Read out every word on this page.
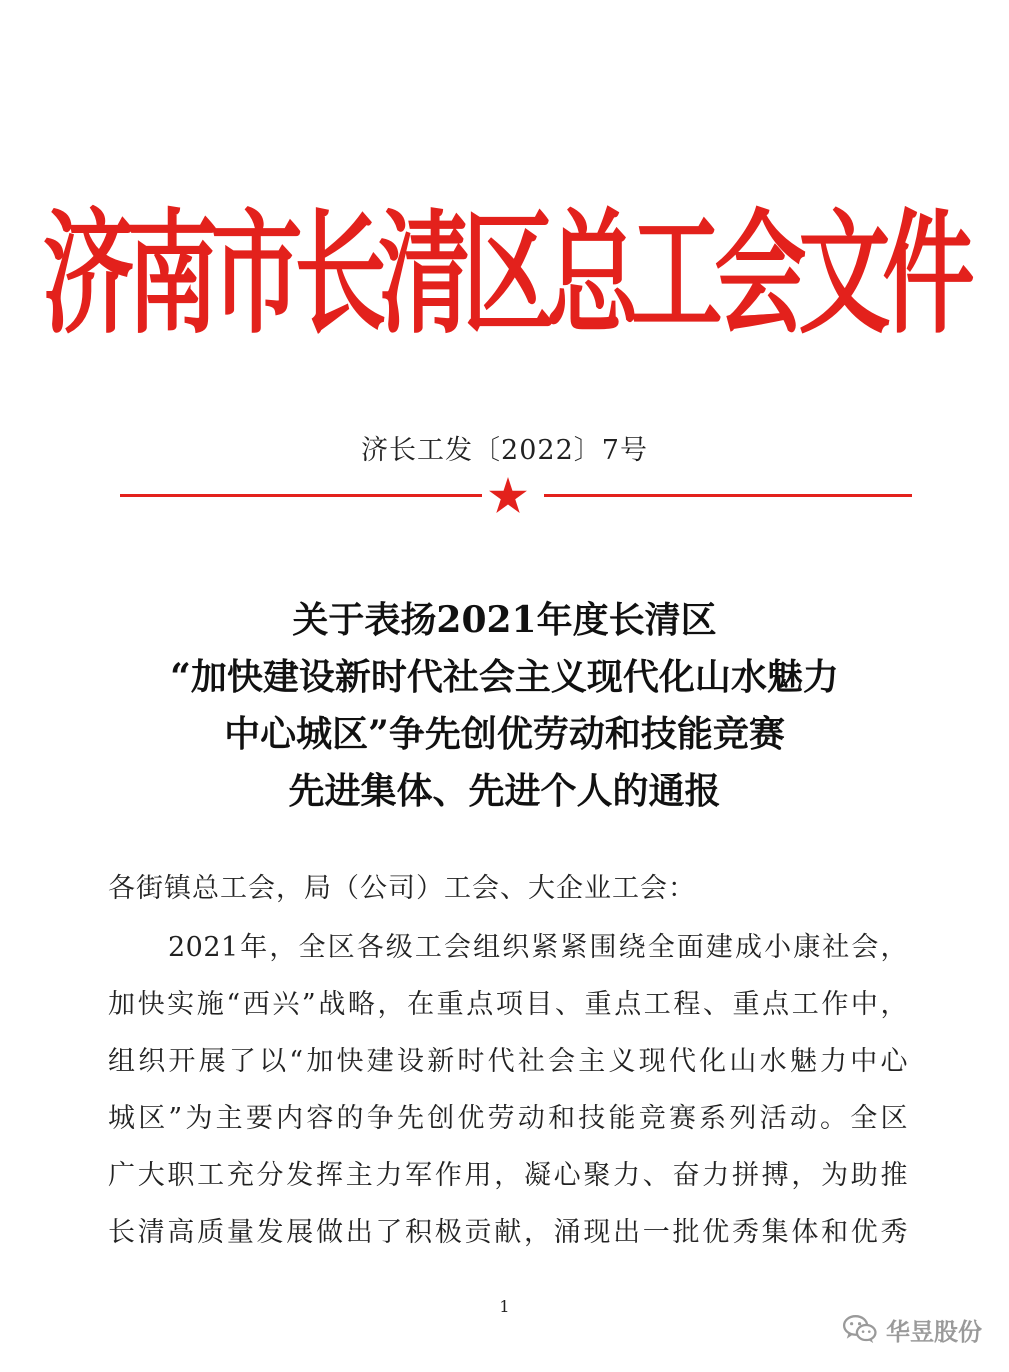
济南市长清区总工会文件
济长工发〔2022〕7号
关于表扬2021年度长清区
“加快建设新时代社会主义现代化山水魅力
中心城区”争先创优劳动和技能竞赛
先进集体、先进个人的通报
各街镇总工会，局（公司）工会、大企业工会：
2021年，全区各级工会组织紧紧围绕全面建成小康社会，
加快实施“西兴”战略，在重点项目、重点工程、重点工作中，
组织开展了以“加快建设新时代社会主义现代化山水魅力中心
城区”为主要内容的争先创优劳动和技能竞赛系列活动。全区
广大职工充分发挥主力军作用，凝心聚力、奋力拼搏，为助推
长清高质量发展做出了积极贡献，涌现出一批优秀集体和优秀
1
华昱股份
